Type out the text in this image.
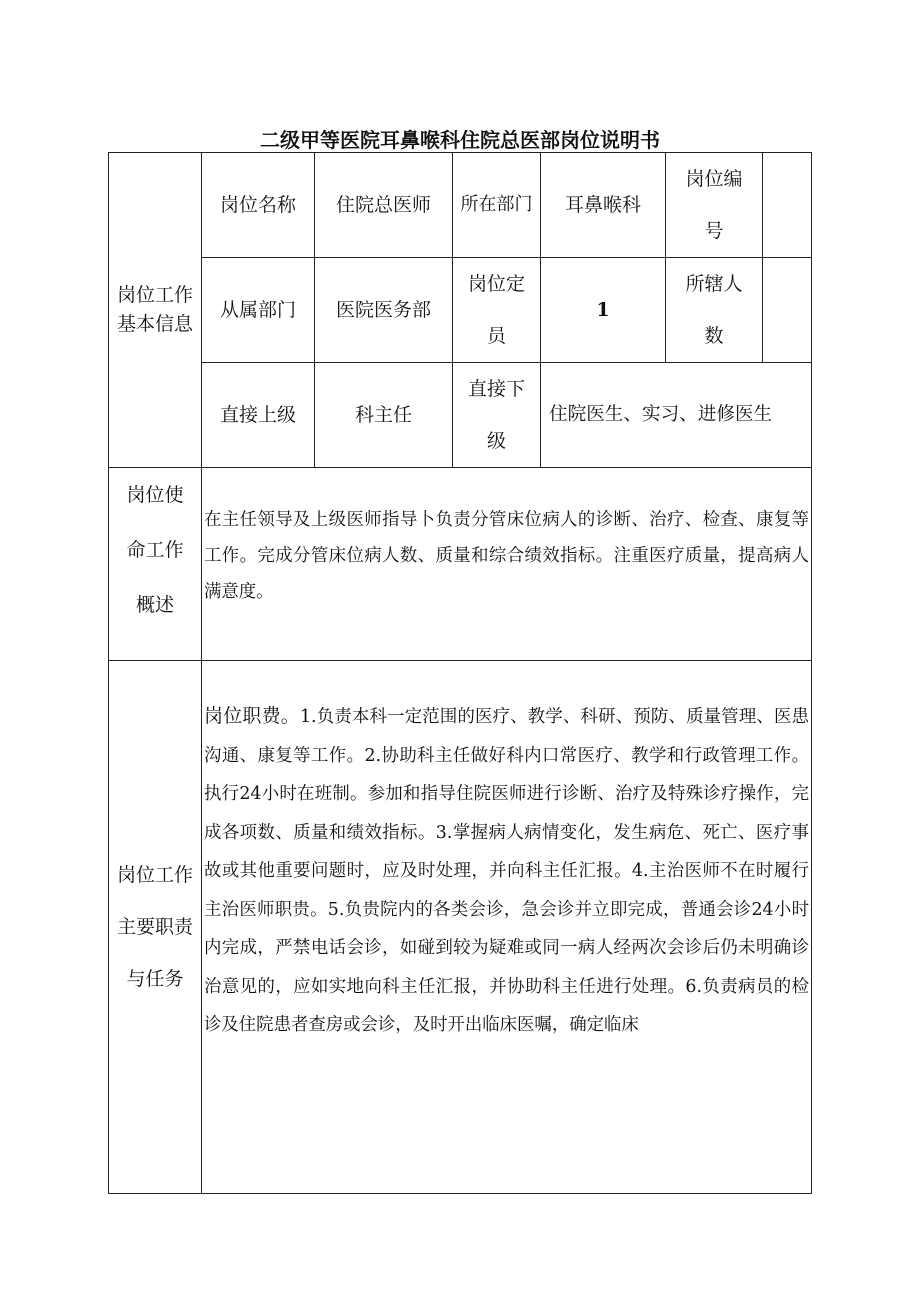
二级甲等医院耳鼻喉科住院总医部岗位说明书
岗位工作基本信息	岗位名称	住院总医师	所在部门	耳鼻喉科	岗位编号	
	从属部门	医院医务部	岗位定员	1	所辖人数	
	直接上级	科主任	直接下级	住院医生、实习、进修医生		
岗位使命工作概述	在主任领导及上级医师指导卜负责分管床位病人的诊断、治疗、检查、康复等工作。完成分管床位病人数、质量和综合绩效指标。注重医疗质量，提高病人满意度。					
岗位工作主要职责与任务	岗位职费。1.负责本科一定范围的医疗、教学、科研、预防、质量管理、医患沟通、康复等工作。2.协助科主任做好科内口常医疗、教学和行政管理工作。执行24小时在班制。参加和指导住院医师进行诊断、治疗及特殊诊疗操作，完成各项数、质量和绩效指标。3.掌握病人病情变化，发生病危、死亡、医疗事故或其他重要问题时，应及时处理，并向科主任汇报。4.主治医师不在时履行主治医师职贵。5.负贵院内的各类会诊，急会诊并立即完成，普通会诊24小时内完成，严禁电话会诊，如碰到较为疑难或同一病人经两次会诊后仍未明确诊治意见的，应如实地向科主任汇报，并协助科主任进行处理。6.负责病员的检诊及住院患者查房或会诊，及时开出临床医嘱，确定临床					
